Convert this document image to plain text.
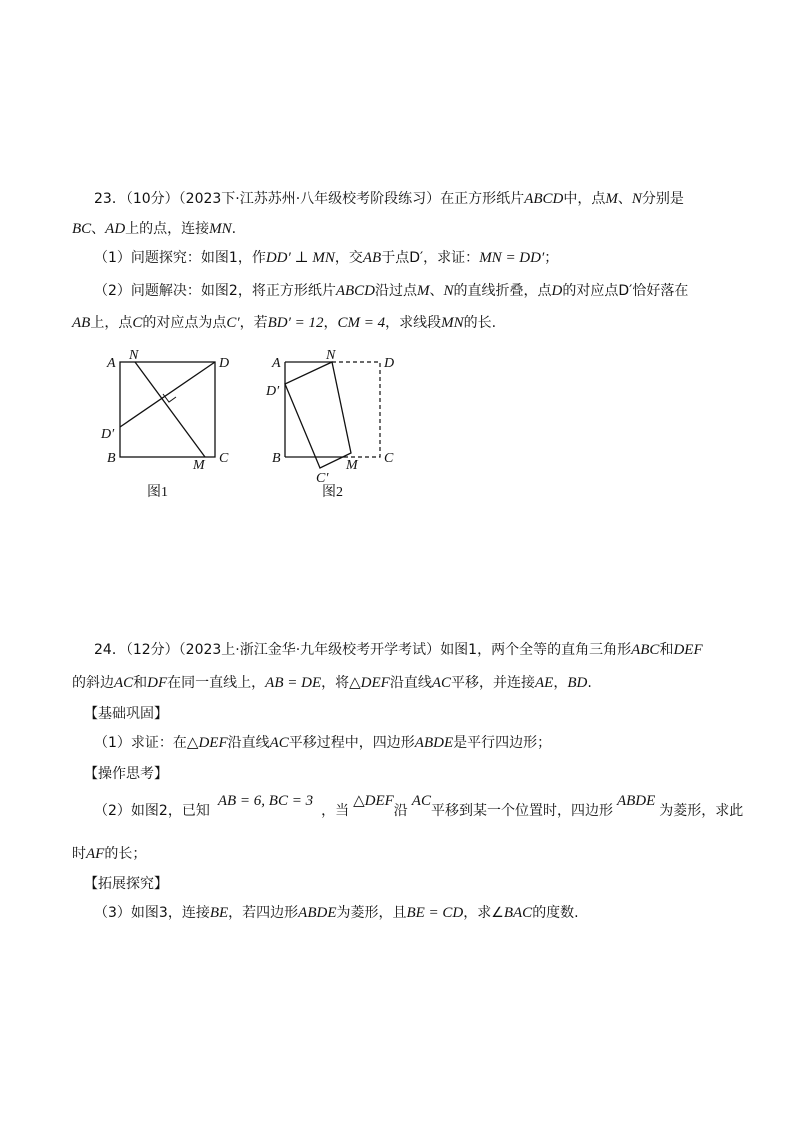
23．（10分）（2023下·江苏苏州·八年级校考阶段练习）在正方形纸片ABCD中，点M、N分别是
BC、AD上的点，连接MN.
（1）问题探究：如图1，作DD′ ⊥ MN，交AB于点D′，求证：MN = DD′；
（2）问题解决：如图2，将正方形纸片ABCD沿过点M、N的直线折叠，点D的对应点D′恰好落在
AB上，点C的对应点为点C′，若BD′ = 12，CM = 4，求线段MN的长.
A
N
D
D′
B	M C
图1
A
N
D
D′
B
C′
M C
图2
24．（12分）（2023上·浙江金华·九年级校考开学考试）如图1，两个全等的直角三角形ABC和DEF
的斜边AC和DF在同一直线上，AB = DE，将△DEF沿直线AC平移，并连接AE，BD.
【基础巩固】
（1）求证：在△DEF沿直线AC平移过程中，四边形ABDE是平行四边形；
【操作思考】
（2）如图2，已知AB = 6, BC = 3，当△DEF沿AC平移到某一个位置时，四边形ABDE为菱形，求此
时AF的长；
【拓展探究】
（3）如图3，连接BE，若四边形ABDE为菱形，且BE = CD，求∠BAC的度数.
